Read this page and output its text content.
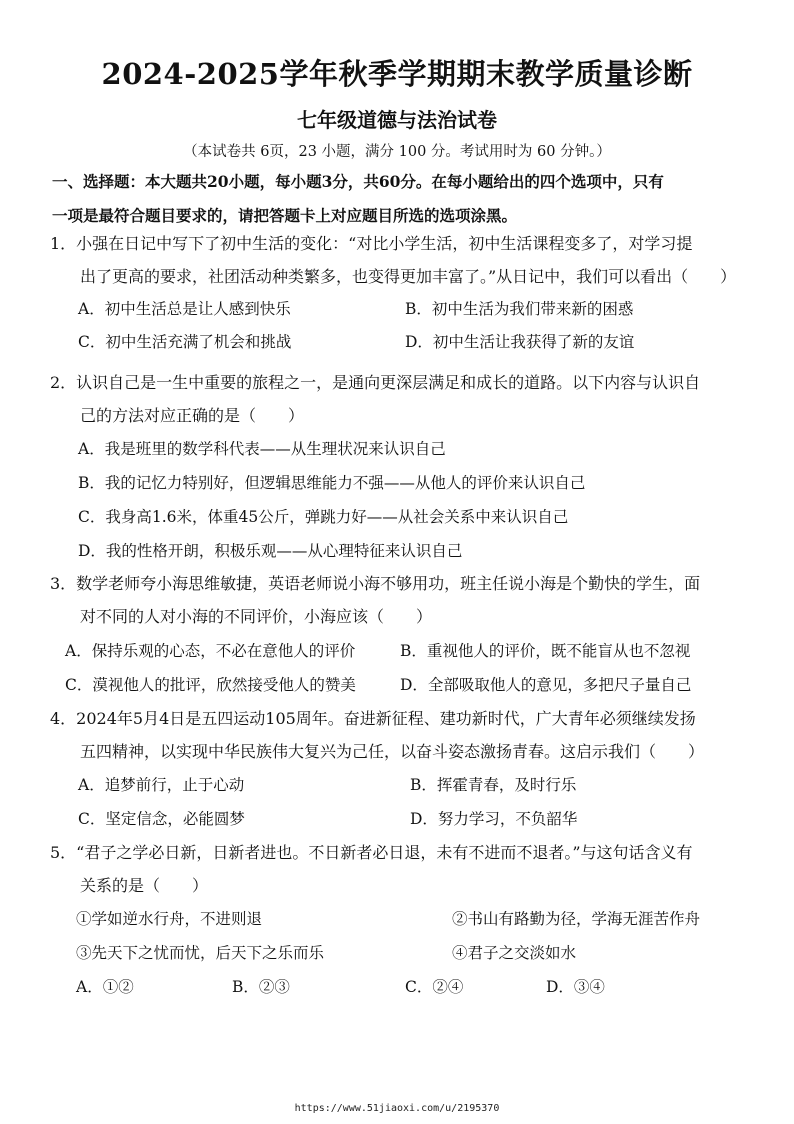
2024-2025学年秋季学期期末教学质量诊断
七年级道德与法治试卷
（本试卷共 6页，23 小题，满分 100 分。考试用时为 60 分钟。）
一、选择题：本大题共20小题，每小题3分，共60分。在每小题给出的四个选项中，只有
一项是最符合题目要求的，请把答题卡上对应题目所选的选项涂黑。
1．小强在日记中写下了初中生活的变化：“对比小学生活，初中生活课程变多了，对学习提
出了更高的要求，社团活动种类繁多，也变得更加丰富了。”从日记中，我们可以看出（　　）
A．初中生活总是让人感到快乐	B．初中生活为我们带来新的困惑
C．初中生活充满了机会和挑战	D．初中生活让我获得了新的友谊
2．认识自己是一生中重要的旅程之一，是通向更深层满足和成长的道路。以下内容与认识自
己的方法对应正确的是（　　）
A．我是班里的数学科代表——从生理状况来认识自己
B．我的记忆力特别好，但逻辑思维能力不强——从他人的评价来认识自己
C．我身高1.6米，体重45公斤，弹跳力好——从社会关系中来认识自己
D．我的性格开朗，积极乐观——从心理特征来认识自己
3．数学老师夸小海思维敏捷，英语老师说小海不够用功，班主任说小海是个勤快的学生，面
对不同的人对小海的不同评价，小海应该（　　）
A．保持乐观的心态，不必在意他人的评价	B．重视他人的评价，既不能盲从也不忽视
C．漠视他人的批评，欣然接受他人的赞美	D．全部吸取他人的意见，多把尺子量自己
4．2024年5月4日是五四运动105周年。奋进新征程、建功新时代，广大青年必须继续发扬
五四精神，以实现中华民族伟大复兴为己任，以奋斗姿态激扬青春。这启示我们（　　）
A．追梦前行，止于心动	B．挥霍青春，及时行乐
C．坚定信念，必能圆梦	D．努力学习，不负韶华
5．“君子之学必日新，日新者进也。不日新者必日退，未有不进而不退者。”与这句话含义有
关系的是（　　）
①学如逆水行舟，不进则退	②书山有路勤为径，学海无涯苦作舟
③先天下之忧而忧，后天下之乐而乐	④君子之交淡如水
A．①②	B．②③	C．②④	D．③④
https://www.51jiaoxi.com/u/2195370
